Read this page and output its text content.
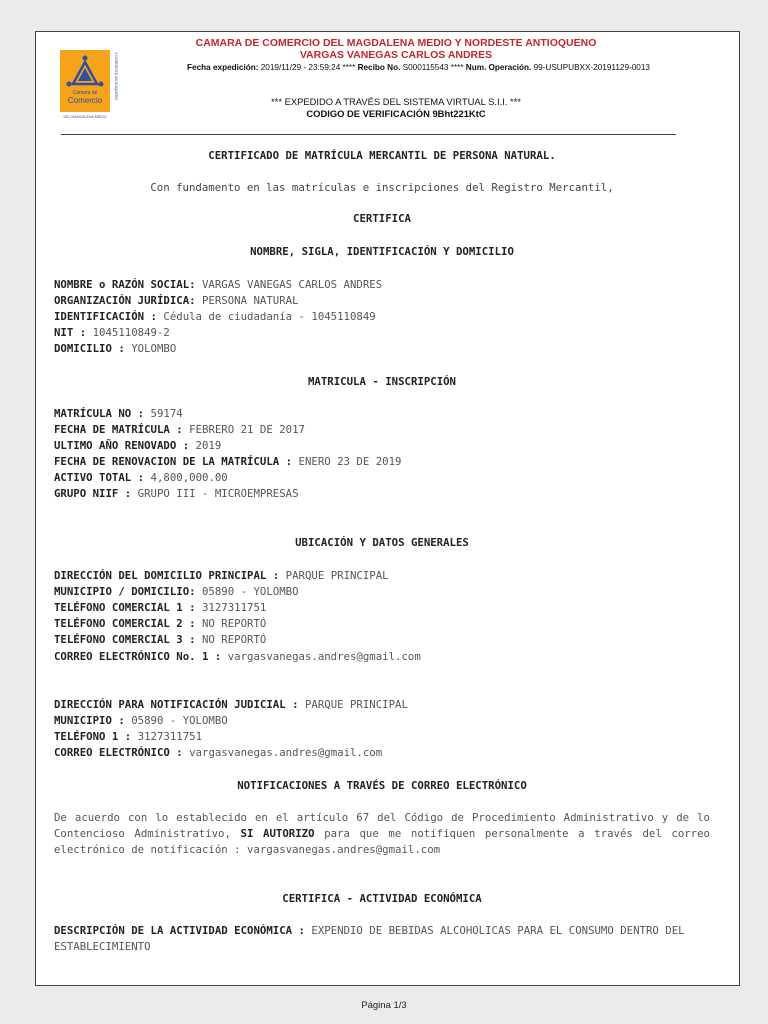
Cámara de
Comercio
DEL MAGDALENA MEDIO
Y NORDESTE ANTIOQUEÑO
CAMARA DE COMERCIO DEL MAGDALENA MEDIO Y NORDESTE ANTIOQUENO
VARGAS VANEGAS CARLOS ANDRES
Fecha expedición: 2019/11/29 - 23:59:24 **** Recibo No. S000115543 **** Num. Operación. 99-USUPUBXX-20191129-0013
*** EXPEDIDO A TRAVÉS DEL SISTEMA VIRTUAL S.I.I. ***
CODIGO DE VERIFICACIÓN 9Bht221KtC
CERTIFICADO DE MATRÍCULA MERCANTIL DE PERSONA NATURAL.
Con fundamento en las matrículas e inscripciones del Registro Mercantil,
CERTIFICA
NOMBRE, SIGLA, IDENTIFICACIÓN Y DOMICILIO
NOMBRE o RAZÓN SOCIAL: VARGAS VANEGAS CARLOS ANDRES
ORGANIZACIÓN JURÍDICA: PERSONA NATURAL
IDENTIFICACIÓN : Cédula de ciudadanía - 1045110849
NIT : 1045110849-2
DOMICILIO : YOLOMBO
MATRICULA - INSCRIPCIÓN
MATRÍCULA NO : 59174
FECHA DE MATRÍCULA : FEBRERO 21 DE 2017
ULTIMO AÑO RENOVADO : 2019
FECHA DE RENOVACION DE LA MATRÍCULA : ENERO 23 DE 2019
ACTIVO TOTAL : 4,800,000.00
GRUPO NIIF : GRUPO III - MICROEMPRESAS
UBICACIÓN Y DATOS GENERALES
DIRECCIÓN DEL DOMICILIO PRINCIPAL : PARQUE PRINCIPAL
MUNICIPIO / DOMICILIO: 05890 - YOLOMBO
TELÉFONO COMERCIAL 1 : 3127311751
TELÉFONO COMERCIAL 2 : NO REPORTÓ
TELÉFONO COMERCIAL 3 : NO REPORTÓ
CORREO ELECTRÓNICO No. 1 : vargasvanegas.andres@gmail.com
DIRECCIÓN PARA NOTIFICACIÓN JUDICIAL : PARQUE PRINCIPAL
MUNICIPIO : 05890 - YOLOMBO
TELÉFONO 1 : 3127311751
CORREO ELECTRÓNICO : vargasvanegas.andres@gmail.com
NOTIFICACIONES A TRAVÉS DE CORREO ELECTRÓNICO
De acuerdo con lo establecido en el artículo 67 del Código de Procedimiento Administrativo y de lo Contencioso Administrativo, SI AUTORIZO para que me notifiquen personalmente a través del correo electrónico de notificación : vargasvanegas.andres@gmail.com
CERTIFICA - ACTIVIDAD ECONÓMICA
DESCRIPCIÓN DE LA ACTIVIDAD ECONÓMICA : EXPENDIO DE BEBIDAS ALCOHOLICAS PARA EL CONSUMO DENTRO DEL ESTABLECIMIENTO
Página 1/3
